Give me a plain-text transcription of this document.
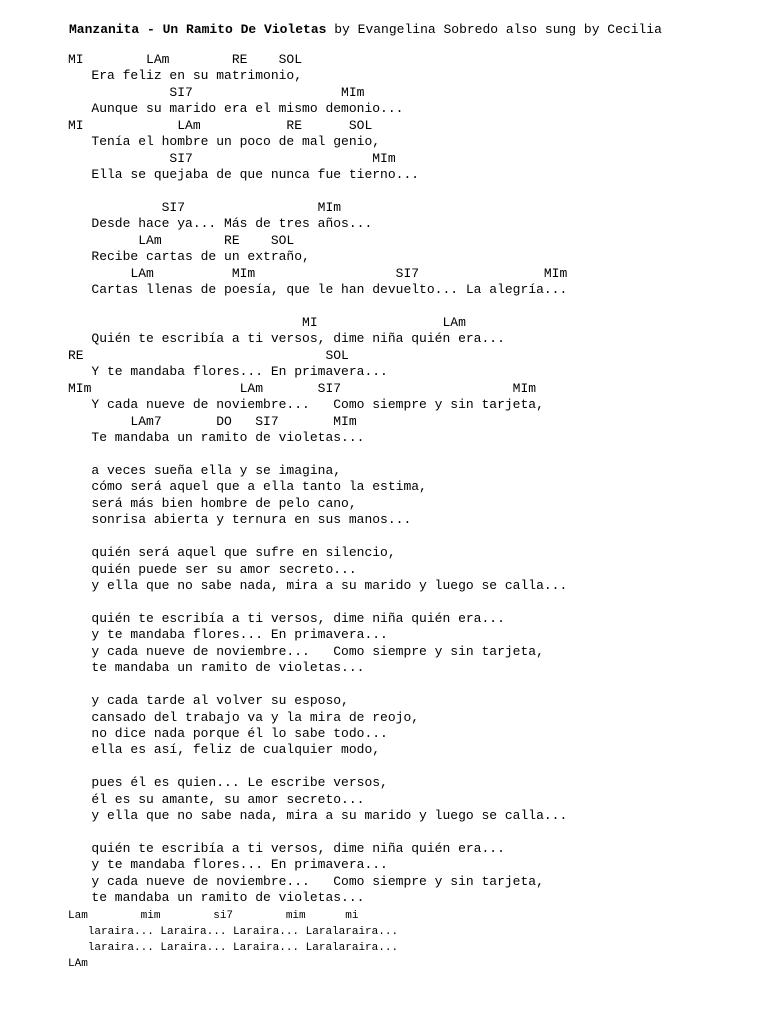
Manzanita - Un Ramito De Violetas by Evangelina Sobredo also sung by Cecilia

MI        LAm        RE    SOL
Era feliz en su matrimonio,
SI7                   MIm
Aunque su marido era el mismo demonio...
MI            LAm           RE      SOL
Tenía el hombre un poco de mal genio,
SI7                       MIm
Ella se quejaba de que nunca fue tierno...
SI7                 MIm
Desde hace ya... Más de tres años...
LAm        RE    SOL
Recibe cartas de un extraño,
LAm          MIm                  SI7                MIm
Cartas llenas de poesía, que le han devuelto... La alegría...
MI                LAm
Quién te escribía a ti versos, dime niña quién era...
RE                               SOL
Y te mandaba flores... En primavera...
MIm                   LAm       SI7                      MIm
Y cada nueve de noviembre...   Como siempre y sin tarjeta,
LAm7       DO   SI7       MIm
Te mandaba un ramito de violetas...
a veces sueña ella y se imagina,
cómo será aquel que a ella tanto la estima,
será más bien hombre de pelo cano,
sonrisa abierta y ternura en sus manos...
quién será aquel que sufre en silencio,
quién puede ser su amor secreto...
y ella que no sabe nada, mira a su marido y luego se calla...
quién te escribía a ti versos, dime niña quién era...
y te mandaba flores... En primavera...
y cada nueve de noviembre...   Como siempre y sin tarjeta,
te mandaba un ramito de violetas...
y cada tarde al volver su esposo,
cansado del trabajo va y la mira de reojo,
no dice nada porque él lo sabe todo...
ella es así, feliz de cualquier modo,
pues él es quien... Le escribe versos,
él es su amante, su amor secreto...
y ella que no sabe nada, mira a su marido y luego se calla...
quién te escribía a ti versos, dime niña quién era...
y te mandaba flores... En primavera...
y cada nueve de noviembre...   Como siempre y sin tarjeta,
te mandaba un ramito de violetas...
Lam        mim        si7        mim      mi
laraira... Laraira... Laraira... Laralaraira...
laraira... Laraira... Laraira... Laralaraira...
LAm
